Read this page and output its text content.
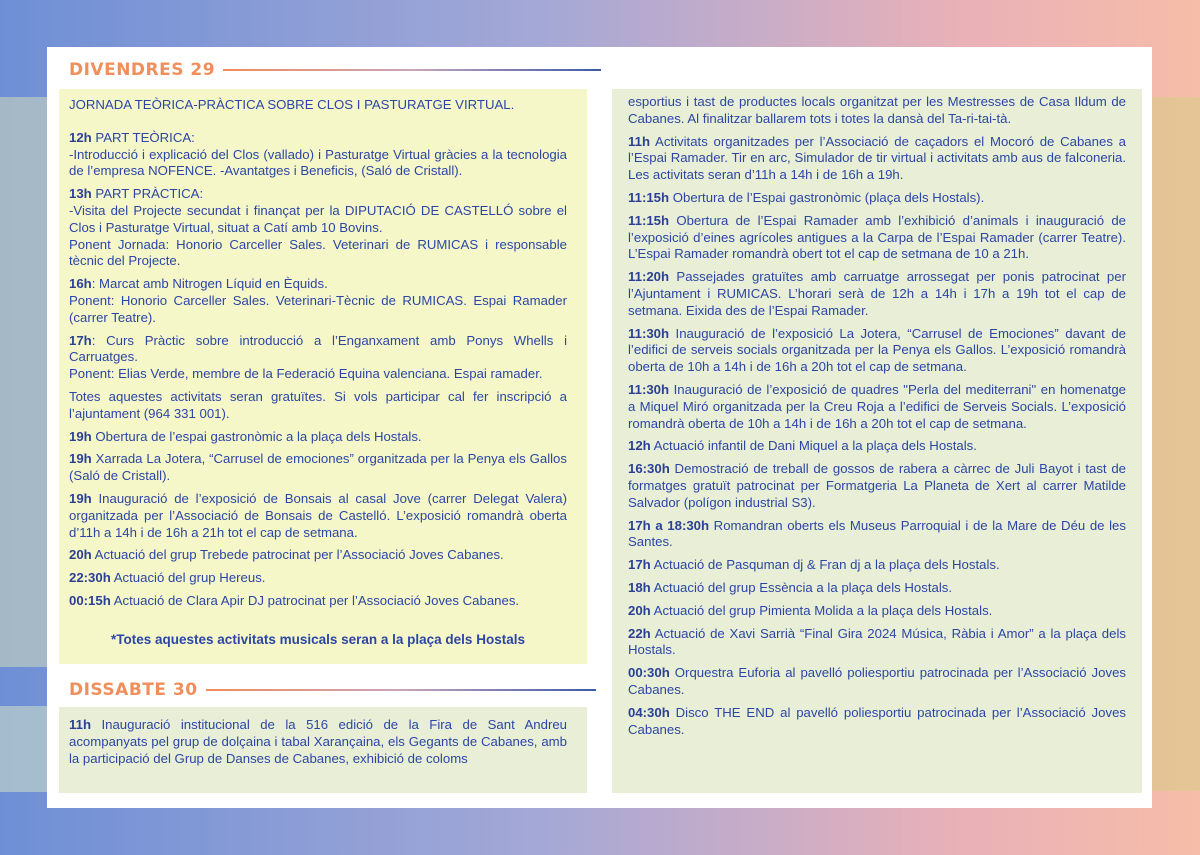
DIVENDRES 29

JORNADA TEÒRICA-PRÀCTICA SOBRE CLOS I PASTURATGE VIRTUAL.

12h PART TEÒRICA:
-Introducció i explicació del Clos (vallado) i Pasturatge Virtual gràcies a la tecnologia de l’empresa NOFENCE. -Avantatges i Beneficis, (Saló de Cristall).

13h PART PRÀCTICA:
-Visita del Projecte secundat i finançat per la DIPUTACIÓ DE CASTELLÓ sobre el Clos i Pasturatge Virtual, situat a Catí amb 10 Bovins.
Ponent Jornada: Honorio Carceller Sales. Veterinari de RUMICAS i responsable tècnic del Projecte.

16h: Marcat amb Nitrogen Líquid en Èquids.
Ponent: Honorio Carceller Sales. Veterinari-Tècnic de RUMICAS. Espai Ramader (carrer Teatre).

17h: Curs Pràctic sobre introducció a l’Enganxament amb Ponys Whells i Carruatges.
Ponent: Elias Verde, membre de la Federació Equina valenciana. Espai ramader.

Totes aquestes activitats seran gratuïtes. Si vols participar cal fer inscripció a l’ajuntament (964 331 001).

19h Obertura de l’espai gastronòmic a la plaça dels Hostals.

19h Xarrada La Jotera, “Carrusel de emociones” organitzada per la Penya els Gallos (Saló de Cristall).

19h Inauguració de l’exposició de Bonsais al casal Jove (carrer Delegat Valera) organitzada per l’Associació de Bonsais de Castelló. L’exposició romandrà oberta d’11h a 14h i de 16h a 21h tot el cap de setmana.

20h Actuació del grup Trebede patrocinat per l’Associació Joves Cabanes.

22:30h Actuació del grup Hereus.

00:15h Actuació de Clara Apir DJ patrocinat per l’Associació Joves Cabanes.

*Totes aquestes activitats musicals seran a la plaça dels Hostals
DISSABTE 30

11h Inauguració institucional de la 516 edició de la Fira de Sant Andreu acompanyats pel grup de dolçaina i tabal Xarançaina, els Gegants de Cabanes, amb la participació del Grup de Danses de Cabanes, exhibició de coloms

esportius i tast de productes locals organitzat per les Mestresses de Casa Ildum de Cabanes. Al finalitzar ballarem tots i totes la dansà del Ta-ri-tai-tà.

11h Activitats organitzades per l’Associació de caçadors el Mocoró de Cabanes a l’Espai Ramader. Tir en arc, Simulador de tir virtual i activitats amb aus de falconeria. Les activitats seran d’11h a 14h i de 16h a 19h.

11:15h Obertura de l’Espai gastronòmic (plaça dels Hostals).

11:15h Obertura de l’Espai Ramader amb l’exhibició d’animals i inauguració de l’exposició d’eines agrícoles antigues a la Carpa de l’Espai Ramader (carrer Teatre). L’Espai Ramader romandrà obert tot el cap de setmana de 10 a 21h.

11:20h Passejades gratuïtes amb carruatge arrossegat per ponis patrocinat per l’Ajuntament i RUMICAS. L’horari serà de 12h a 14h i 17h a 19h tot el cap de setmana. Eixida des de l’Espai Ramader.

11:30h Inauguració de l’exposició La Jotera, “Carrusel de Emociones” davant de l’edifici de serveis socials organitzada per la Penya els Gallos. L’exposició romandrà oberta de 10h a 14h i de 16h a 20h tot el cap de setmana.

11:30h Inauguració de l’exposició de quadres "Perla del mediterrani" en homenatge a Miquel Miró organitzada per la Creu Roja a l’edifici de Serveis Socials. L’exposició romandrà oberta de 10h a 14h i de 16h a 20h tot el cap de setmana.

12h Actuació infantil de Dani Miquel a la plaça dels Hostals.

16:30h Demostració de treball de gossos de rabera a càrrec de Juli Bayot i tast de formatges gratuït patrocinat per Formatgeria La Planeta de Xert al carrer Matilde Salvador (polígon industrial S3).

17h a 18:30h Romandran oberts els Museus Parroquial i de la Mare de Déu de les Santes.

17h Actuació de Pasquman dj & Fran dj a la plaça dels Hostals.

18h Actuació del grup Essència a la plaça dels Hostals.

20h Actuació del grup Pimienta Molida a la plaça dels Hostals.

22h Actuació de Xavi Sarrià “Final Gira 2024 Música, Ràbia i Amor” a la plaça dels Hostals.

00:30h Orquestra Euforia al pavelló poliesportiu patrocinada per l’Associació Joves Cabanes.

04:30h Disco THE END al pavelló poliesportiu patrocinada per l’Associació Joves Cabanes.
